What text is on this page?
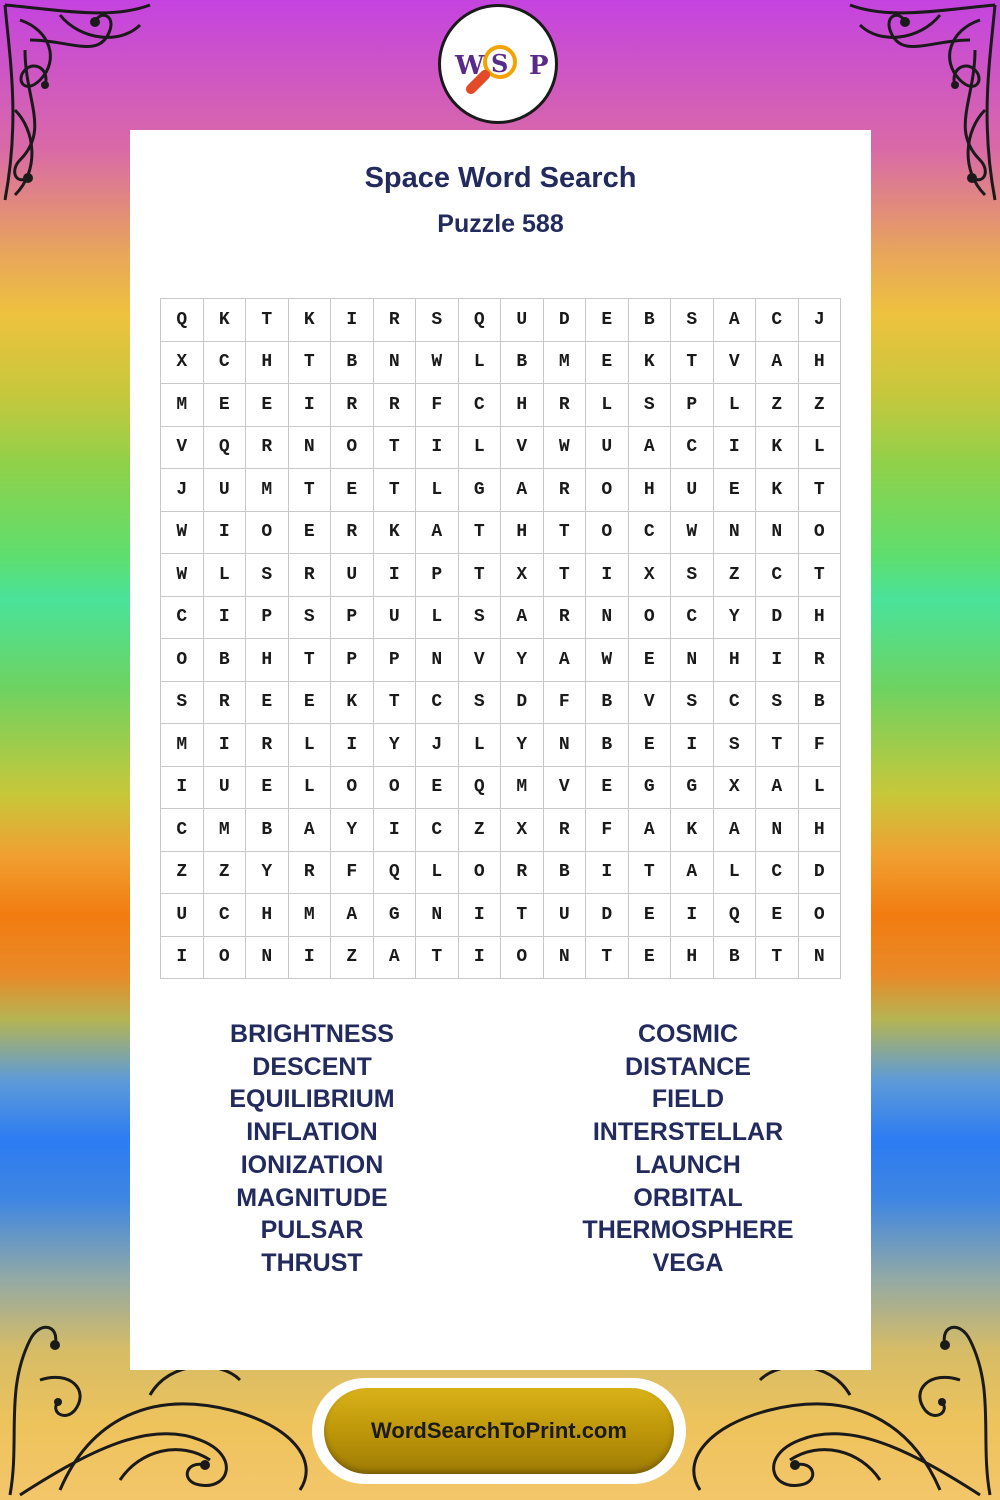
W S P
Space Word Search
Puzzle 588
Q	K	T	K	I	R	S	Q	U	D	E	B	S	A	C	J
X	C	H	T	B	N	W	L	B	M	E	K	T	V	A	H
M	E	E	I	R	R	F	C	H	R	L	S	P	L	Z	Z
V	Q	R	N	O	T	I	L	V	W	U	A	C	I	K	L
J	U	M	T	E	T	L	G	A	R	O	H	U	E	K	T
W	I	O	E	R	K	A	T	H	T	O	C	W	N	N	O
W	L	S	R	U	I	P	T	X	T	I	X	S	Z	C	T
C	I	P	S	P	U	L	S	A	R	N	O	C	Y	D	H
O	B	H	T	P	P	N	V	Y	A	W	E	N	H	I	R
S	R	E	E	K	T	C	S	D	F	B	V	S	C	S	B
M	I	R	L	I	Y	J	L	Y	N	B	E	I	S	T	F
I	U	E	L	O	O	E	Q	M	V	E	G	G	X	A	L
C	M	B	A	Y	I	C	Z	X	R	F	A	K	A	N	H
Z	Z	Y	R	F	Q	L	O	R	B	I	T	A	L	C	D
U	C	H	M	A	G	N	I	T	U	D	E	I	Q	E	O
I	O	N	I	Z	A	T	I	O	N	T	E	H	B	T	N
BRIGHTNESS
DESCENT
EQUILIBRIUM
INFLATION
IONIZATION
MAGNITUDE
PULSAR
THRUST
COSMIC
DISTANCE
FIELD
INTERSTELLAR
LAUNCH
ORBITAL
THERMOSPHERE
VEGA
WordSearchToPrint.com
